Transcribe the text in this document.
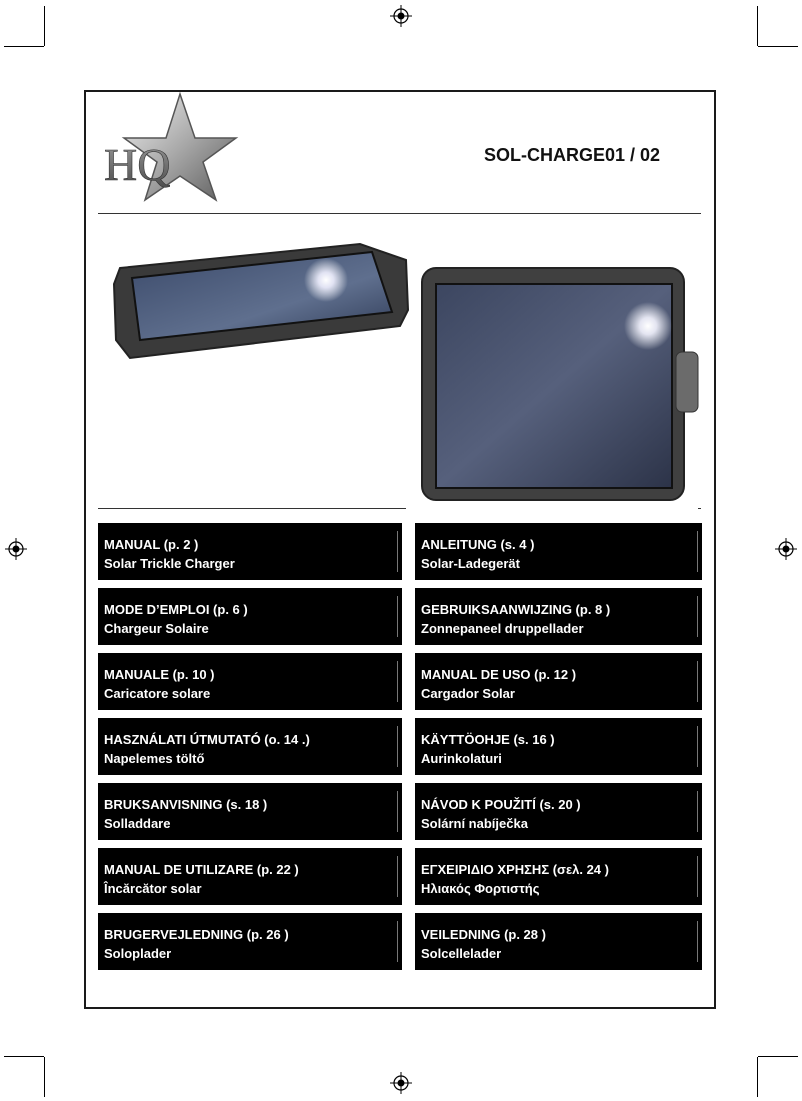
HQ	SOL-CHARGE01 / 02
MANUAL (p. 2 )
Solar Trickle Charger
ANLEITUNG (s. 4 )
Solar-Ladegerät
MODE D’EMPLOI (p. 6 )
Chargeur Solaire
GEBRUIKSAANWIJZING (p. 8 )
Zonnepaneel druppellader
MANUALE (p. 10 )
Caricatore solare
MANUAL DE USO (p. 12 )
Cargador Solar
HASZNÁLATI ÚTMUTATÓ (o. 14 .)
Napelemes töltő
KÄYTTÖOHJE (s. 16 )
Aurinkolaturi
BRUKSANVISNING (s. 18 )
Solladdare
NÁVOD K POUŽITÍ (s. 20 )
Solární nabíječka
MANUAL DE UTILIZARE (p. 22 )
Încărcător solar
ΕΓΧΕΙΡΙΔΙΟ ΧΡΗΣΗΣ (σελ. 24 )
Ηλιακός Φορτιστής
BRUGERVEJLEDNING (p. 26 )
Soloplader
VEILEDNING (p. 28 )
Solcellelader
